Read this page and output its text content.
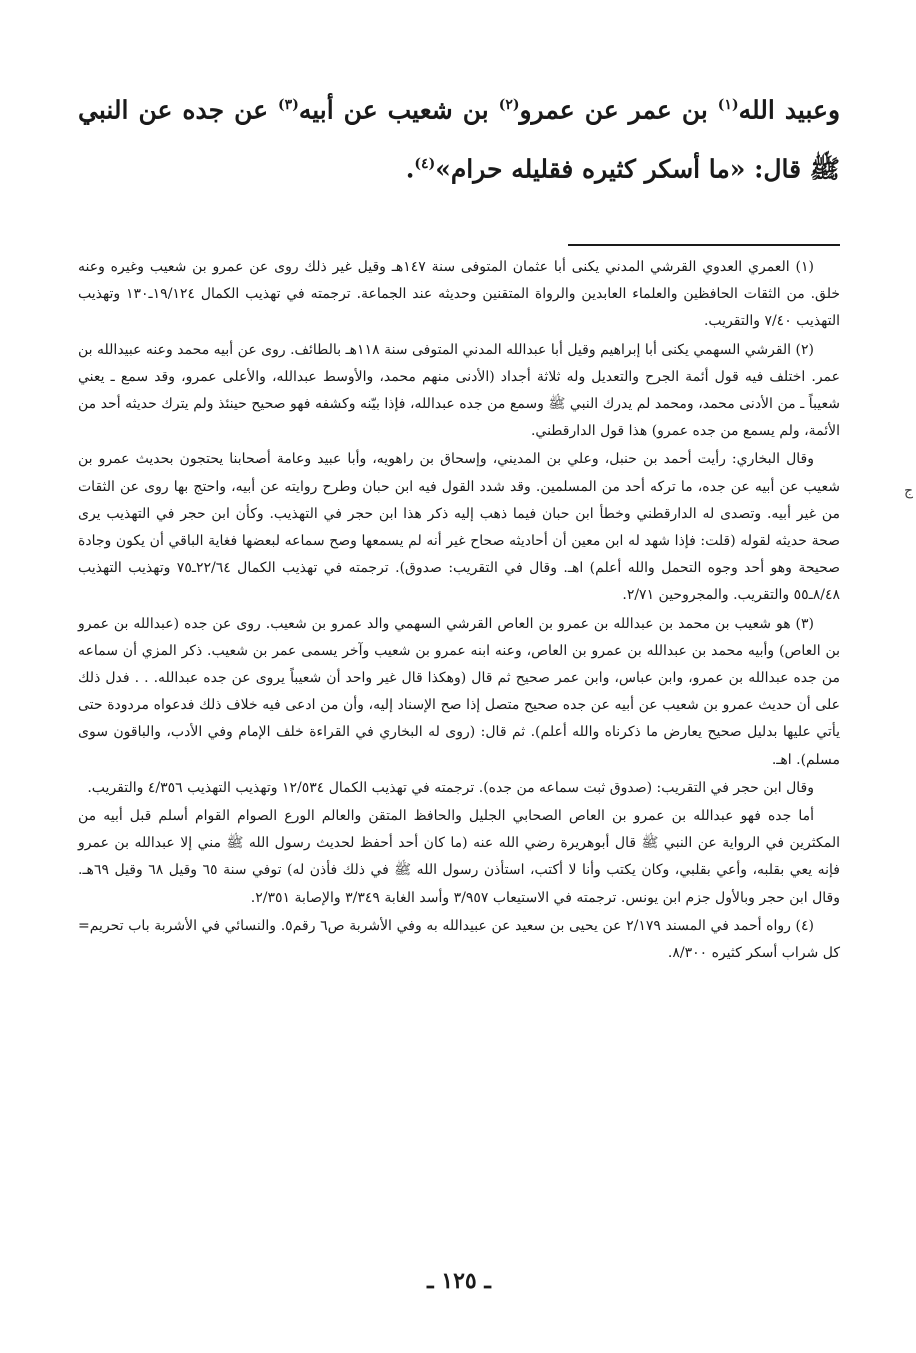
وعبيد الله$^{(١)}$ بن عمر عن عمرو$^{(٢)}$ بن شعيب عن أبيه$^{(٣)}$ عن جده عن النبي ﷺ قال: «ما أسكر كثيره فقليله حرام»$^{(٤)}$.

(١) العمري العدوي القرشي المدني يكنى أبا عثمان المتوفى سنة ١٤٧هـ وقيل غير ذلك روى عن عمرو بن شعيب وغيره وعنه خلق. من الثقات الحافظين والعلماء العابدين والرواة المتقنين وحديثه عند الجماعة. ترجمته في تهذيب الكمال ١٩/١٢٤ـ١٣٠ وتهذيب التهذيب ٧/٤٠ والتقريب.

(٢) القرشي السهمي يكنى أبا إبراهيم وقيل أبا عبدالله المدني المتوفى سنة ١١٨هـ بالطائف. روى عن أبيه محمد وعنه عبيدالله بن عمر. اختلف فيه قول أئمة الجرح والتعديل وله ثلاثة أجداد (الأدنى منهم محمد، والأوسط عبدالله، والأعلى عمرو، وقد سمع ـ يعني شعيباً ـ من الأدنى محمد، ومحمد لم يدرك النبي ﷺ وسمع من جده عبدالله، فإذا بيّنه وكشفه فهو صحيح حينئذ ولم يترك حديثه أحد من الأئمة، ولم يسمع من جده عمرو) هذا قول الدارقطني.

وقال البخاري: رأيت أحمد بن حنبل، وعلي بن المديني، وإسحاق بن راهويه، وأبا عبيد وعامة أصحابنا يحتجون بحديث عمرو بن شعيب عن أبيه عن جده، ما تركه أحد من المسلمين. وقد شدد القول فيه ابن حبان وطرح روايته عن أبيه، واحتج بها روى عن الثقات من غير أبيه. وتصدى له الدارقطني وخطأ ابن حبان فيما ذهب إليه ذكر هذا ابن حجر في التهذيب. وكأن ابن حجر في التهذيب يرى صحة حديثه لقوله (قلت: فإذا شهد له ابن معين أن أحاديثه صحاح غير أنه لم يسمعها وصح سماعه لبعضها فغاية الباقي أن يكون وجادة صحيحة وهو أحد وجوه التحمل والله أعلم) اهـ. وقال في التقريب: صدوق). ترجمته في تهذيب الكمال ٢٢/٦٤ـ٧٥ وتهذيب التهذيب ٨/٤٨ـ٥٥ والتقريب. والمجروحين ٢/٧١.

(٣) هو شعيب بن محمد بن عبدالله بن عمرو بن العاص القرشي السهمي والد عمرو بن شعيب. روى عن جده (عبدالله بن عمرو بن العاص) وأبيه محمد بن عبدالله بن عمرو بن العاص، وعنه ابنه عمرو بن شعيب وآخر يسمى عمر بن شعيب. ذكر المزي أن سماعه من جده عبدالله بن عمرو، وابن عباس، وابن عمر صحيح ثم قال (وهكذا قال غير واحد أن شعيباً يروى عن جده عبدالله. . . فدل ذلك على أن حديث عمرو بن شعيب عن أبيه عن جده صحيح متصل إذا صح الإسناد إليه، وأن من ادعى فيه خلاف ذلك فدعواه مردودة حتى يأتي عليها بدليل صحيح يعارض ما ذكرناه والله أعلم). ثم قال: (روى له البخاري في القراءة خلف الإمام وفي الأدب، والباقون سوى مسلم). اهـ.

وقال ابن حجر في التقريب: (صدوق ثبت سماعه من جده). ترجمته في تهذيب الكمال ١٢/٥٣٤ وتهذيب التهذيب ٤/٣٥٦ والتقريب.

أما جده فهو عبدالله بن عمرو بن العاص الصحابي الجليل والحافظ المتقن والعالم الورع الصوام القوام أسلم قبل أبيه من المكثرين في الرواية عن النبي ﷺ قال أبوهريرة رضي الله عنه (ما كان أحد أحفظ لحديث رسول الله ﷺ مني إلا عبدالله بن عمرو فإنه يعي بقلبه، وأعي بقلبي، وكان يكتب وأنا لا أكتب، استأذن رسول الله ﷺ في ذلك فأذن له) توفي سنة ٦٥ وقيل ٦٨ وقيل ٦٩هـ. وقال ابن حجر وبالأول جزم ابن يونس. ترجمته في الاستيعاب ٣/٩٥٧ وأسد الغابة ٣/٣٤٩ والإصابة ٢/٣٥١.

(٤) رواه أحمد في المسند ٢/١٧٩ عن يحيى بن سعيد عن عبيدالله به وفي الأشربة ص٦ رقم٥. والنسائي في الأشربة باب تحريم كل شراب أسكر كثيره ٨/٣٠٠.

=
ـ ١٢٥ ـ
ج
